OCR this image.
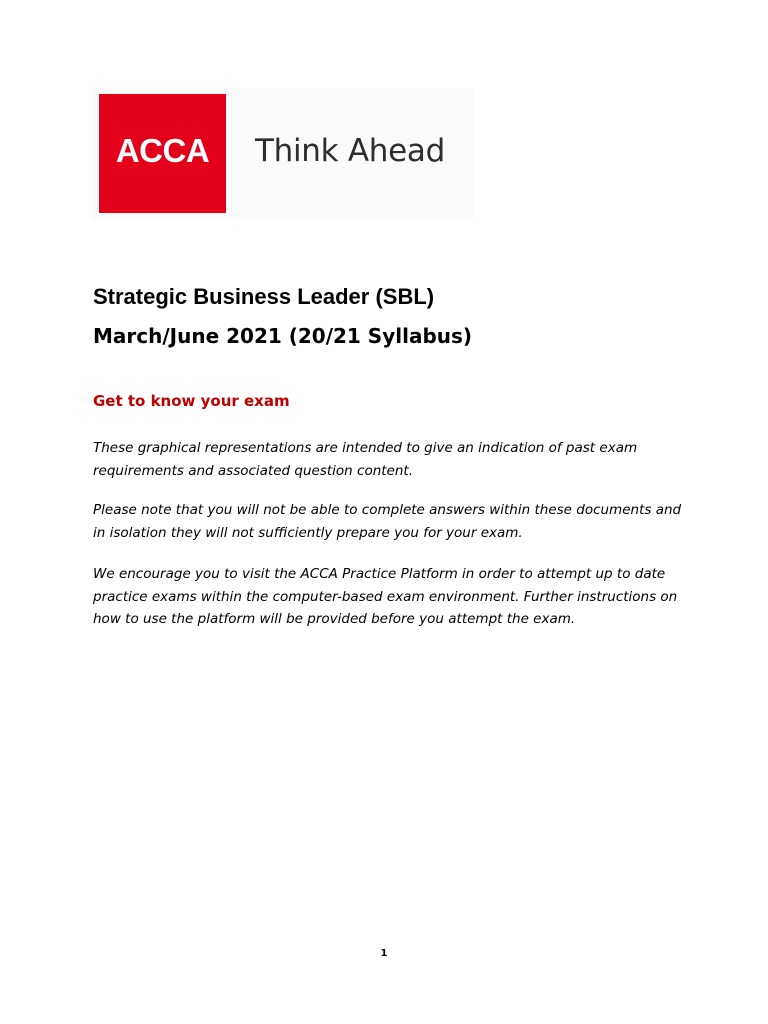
ACCA	Think Ahead
Strategic Business Leader (SBL)
March/June 2021 (20/21 Syllabus)
Get to know your exam

These graphical representations are intended to give an indication of past exam requirements and associated question content.

Please note that you will not be able to complete answers within these documents and in isolation they will not sufficiently prepare you for your exam.

We encourage you to visit the ACCA Practice Platform in order to attempt up to date practice exams within the computer-based exam environment. Further instructions on how to use the platform will be provided before you attempt the exam.

1
